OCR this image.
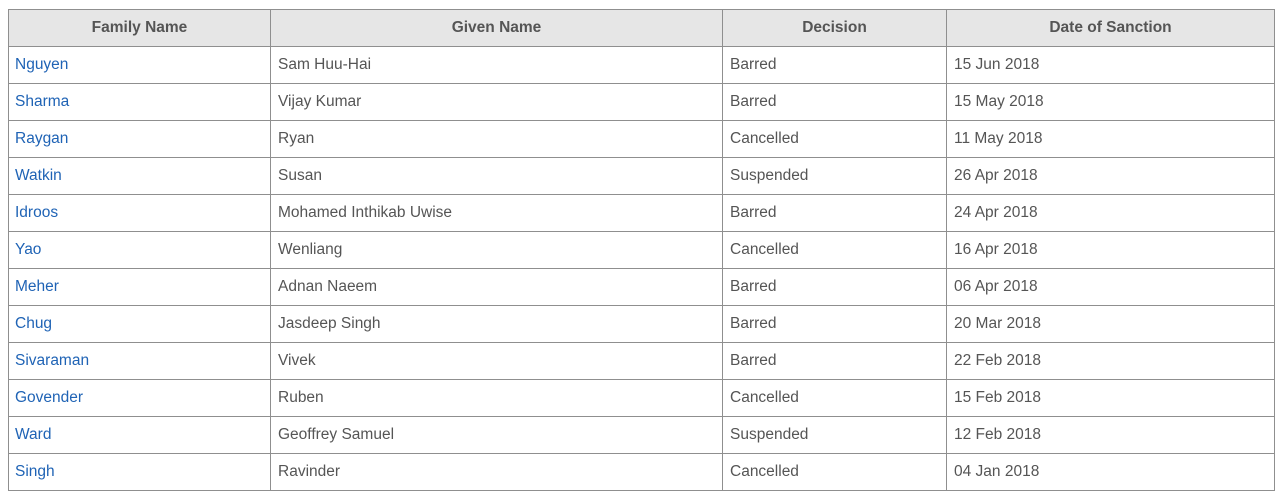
Family Name	Given Name	Decision	Date of Sanction
Nguyen	Sam Huu-Hai	Barred	15 Jun 2018
Sharma	Vijay Kumar	Barred	15 May 2018
Raygan	Ryan	Cancelled	11 May 2018
Watkin	Susan	Suspended	26 Apr 2018
Idroos	Mohamed Inthikab Uwise	Barred	24 Apr 2018
Yao	Wenliang	Cancelled	16 Apr 2018
Meher	Adnan Naeem	Barred	06 Apr 2018
Chug	Jasdeep Singh	Barred	20 Mar 2018
Sivaraman	Vivek	Barred	22 Feb 2018
Govender	Ruben	Cancelled	15 Feb 2018
Ward	Geoffrey Samuel	Suspended	12 Feb 2018
Singh	Ravinder	Cancelled	04 Jan 2018
